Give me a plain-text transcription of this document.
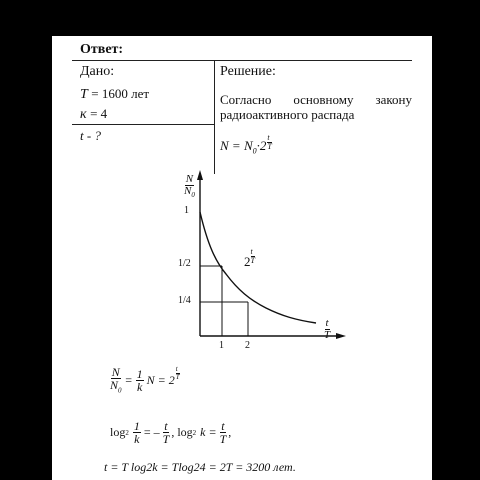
Ответ:
Дано:
T = 1600 лет
к = 4
t - ?
Решение:
Согласно основному закону
радиоактивного распада
$N = N_0\cdot 2 \frac{t}{T}$
$\frac{N}{N_0}$
1
1/2
1/4
1 2
$\frac{t}{T}$
$2 \frac{t}{T}$
$\frac{N}{N_0} = \frac{1}{k}$ $N = 2 \frac{t}{T}$
$\log 2 \frac{1}{k}$ = – $\frac{t}{T}$ , log 2 $k = \frac{t}{T}$ ,
t = T log2k = Tlog24 = 2T = 3200 лет.
